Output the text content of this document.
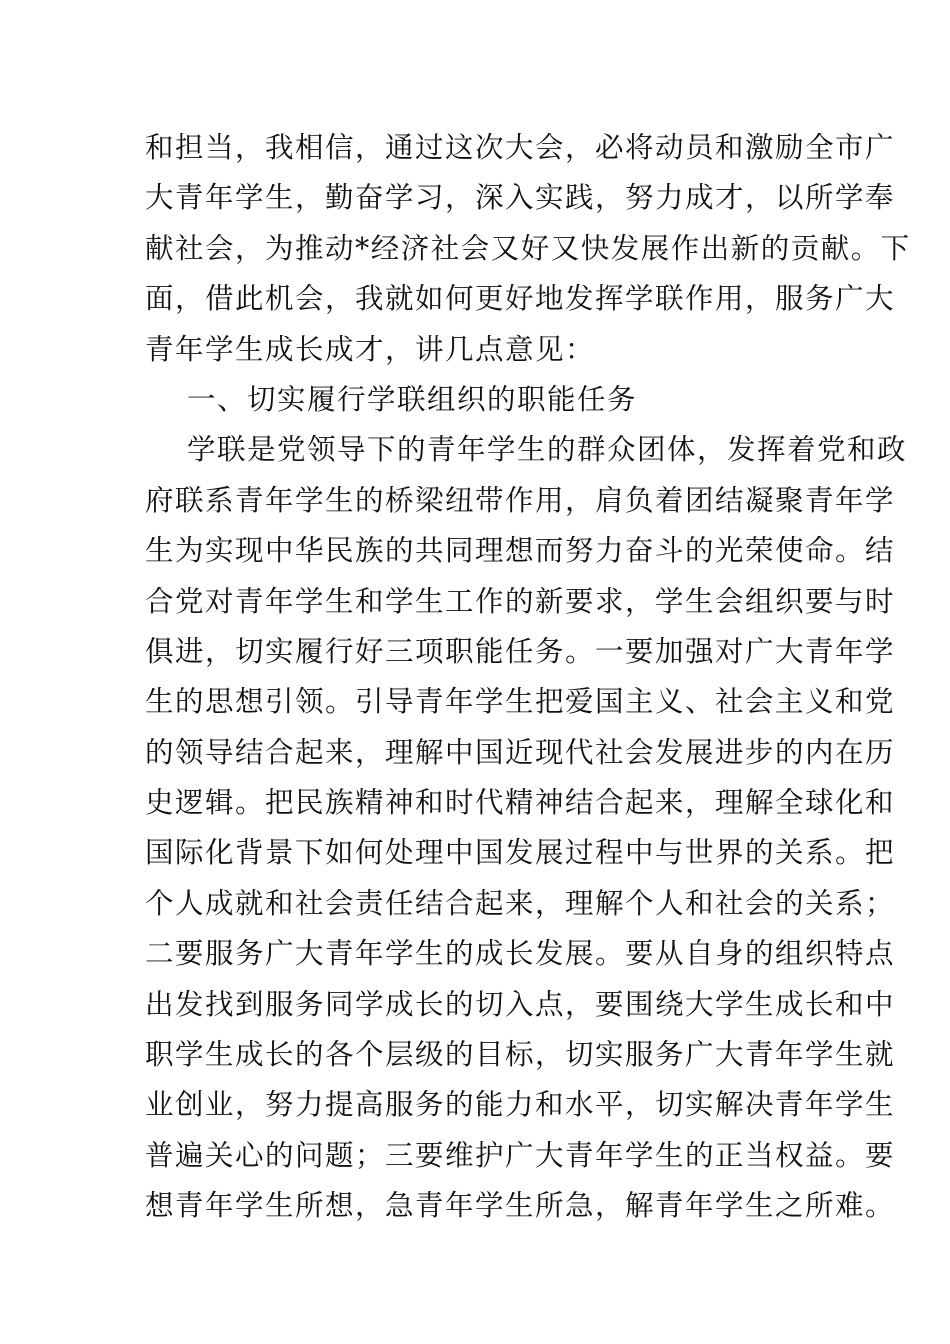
和担当，我相信，通过这次大会，必将动员和激励全市广
大青年学生，勤奋学习，深入实践，努力成才，以所学奉
献社会，为推动*经济社会又好又快发展作出新的贡献。下
面，借此机会，我就如何更好地发挥学联作用，服务广大
青年学生成长成才，讲几点意见：
一、切实履行学联组织的职能任务
学联是党领导下的青年学生的群众团体，发挥着党和政
府联系青年学生的桥梁纽带作用，肩负着团结凝聚青年学
生为实现中华民族的共同理想而努力奋斗的光荣使命。结
合党对青年学生和学生工作的新要求，学生会组织要与时
俱进，切实履行好三项职能任务。一要加强对广大青年学
生的思想引领。引导青年学生把爱国主义、社会主义和党
的领导结合起来，理解中国近现代社会发展进步的内在历
史逻辑。把民族精神和时代精神结合起来，理解全球化和
国际化背景下如何处理中国发展过程中与世界的关系。把
个人成就和社会责任结合起来，理解个人和社会的关系；
二要服务广大青年学生的成长发展。要从自身的组织特点
出发找到服务同学成长的切入点，要围绕大学生成长和中
职学生成长的各个层级的目标，切实服务广大青年学生就
业创业，努力提高服务的能力和水平，切实解决青年学生
普遍关心的问题；三要维护广大青年学生的正当权益。要
想青年学生所想，急青年学生所急，解青年学生之所难。
